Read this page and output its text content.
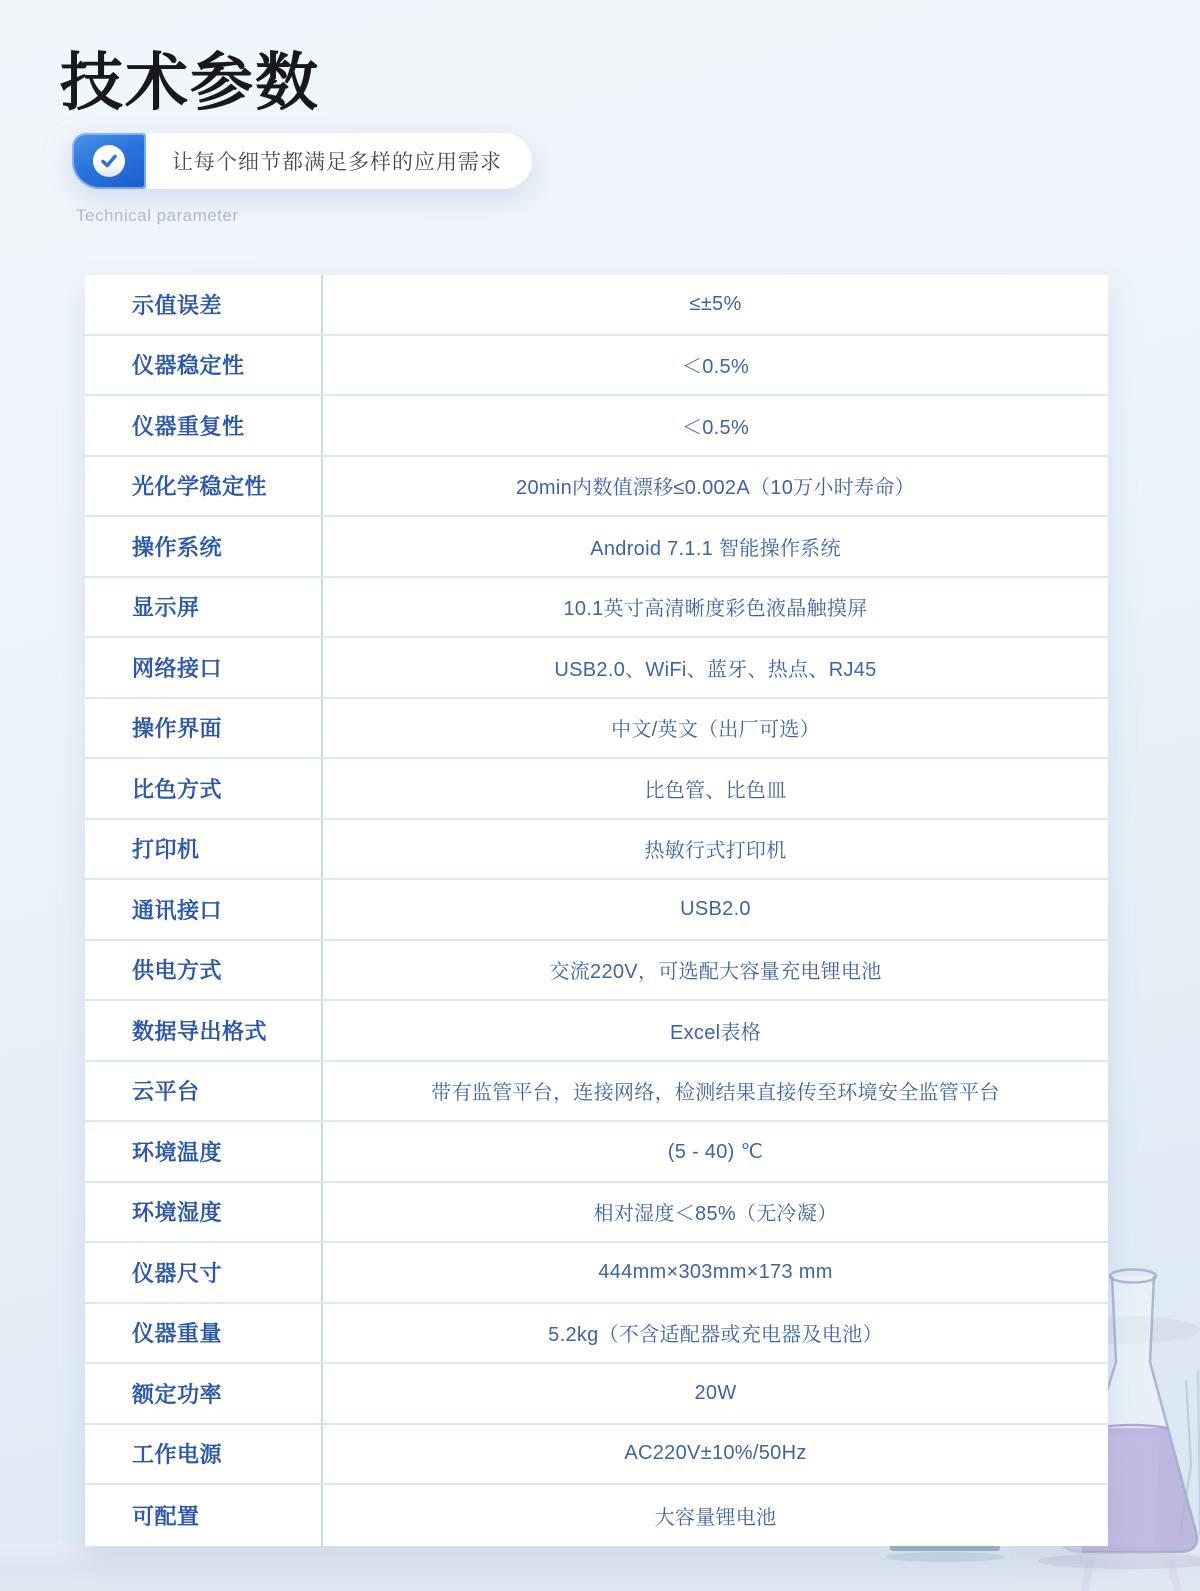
技术参数
让每个细节都满足多样的应用需求
Technical parameter
示值误差	≤±5%
仪器稳定性	＜0.5%
仪器重复性	＜0.5%
光化学稳定性	20min内数值漂移≤0.002A（10万小时寿命）
操作系统	Android 7.1.1 智能操作系统
显示屏	10.1英寸高清晰度彩色液晶触摸屏
网络接口	USB2.0、WiFi、蓝牙、热点、RJ45
操作界面	中文/英文（出厂可选）
比色方式	比色管、比色皿
打印机	热敏行式打印机
通讯接口	USB2.0
供电方式	交流220V，可选配大容量充电锂电池
数据导出格式	Excel表格
云平台	带有监管平台，连接网络，检测结果直接传至环境安全监管平台
环境温度	(5 - 40) ℃
环境湿度	相对湿度＜85%（无冷凝）
仪器尺寸	444mm×303mm×173 mm
仪器重量	5.2kg（不含适配器或充电器及电池）
额定功率	20W
工作电源	AC220V±10%/50Hz
可配置	大容量锂电池
